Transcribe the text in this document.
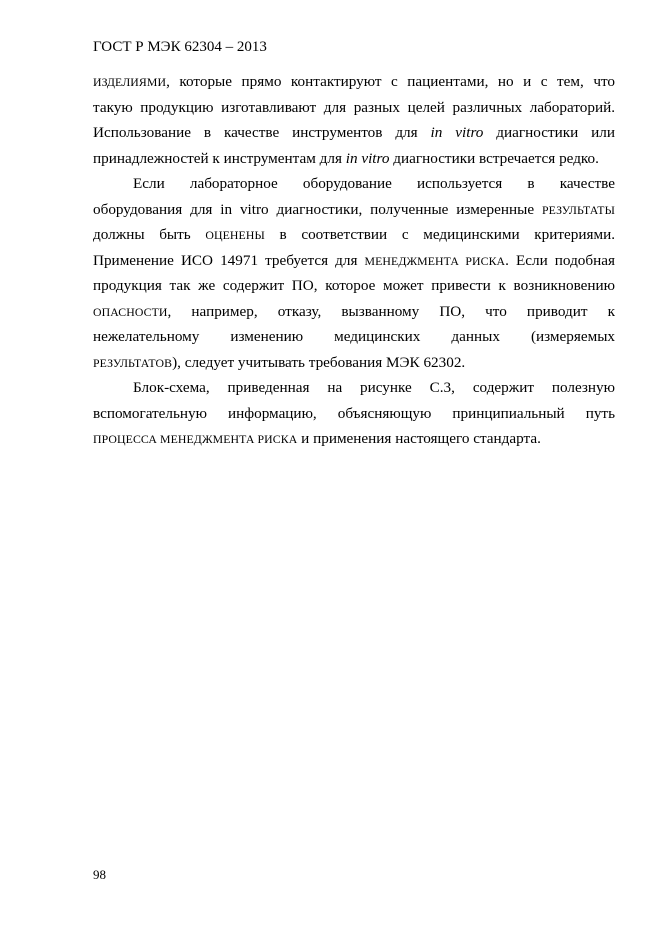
ГОСТ Р МЭК 62304 – 2013
ИЗДЕЛИЯМИ, которые прямо контактируют с пациентами, но и с тем, что
такую продукцию изготавливают для разных целей различных лабораторий.
Использование в качестве инструментов для in vitro диагностики или
принадлежностей к инструментам для in vitro диагностики встречается редко.
Если лабораторное оборудование используется в качестве
оборудования для in vitro диагностики, полученные измеренные РЕЗУЛЬТАТЫ
должны быть ОЦЕНЕНЫ в соответствии с медицинскими критериями.
Применение ИСО 14971 требуется для МЕНЕДЖМЕНТА РИСКА. Если подобная
продукция так же содержит ПО, которое может привести к возникновению
ОПАСНОСТИ, например, отказу, вызванному ПО, что приводит к
нежелательному изменению медицинских данных (измеряемых
РЕЗУЛЬТАТОВ), следует учитывать требования МЭК 62302.
Блок-схема, приведенная на рисунке С.3, содержит полезную
вспомогательную информацию, объясняющую принципиальный путь
ПРОЦЕССА МЕНЕДЖМЕНТА РИСКА и применения настоящего стандарта.
98
